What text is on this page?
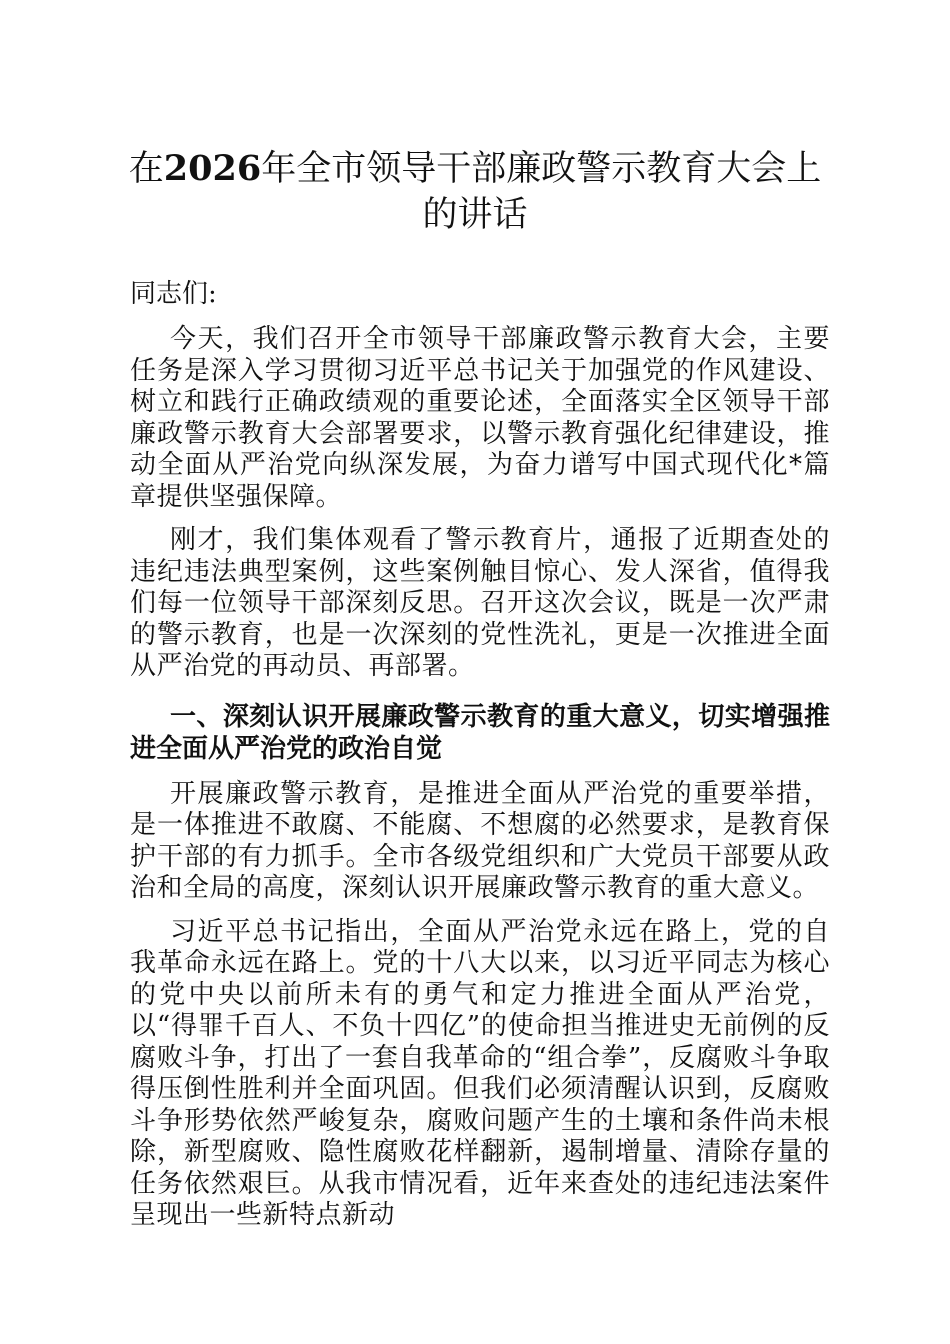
在2026年全市领导干部廉政警示教育大会上的讲话

同志们:

今天，我们召开全市领导干部廉政警示教育大会，主要任务是深入学习贯彻习近平总书记关于加强党的作风建设、树立和践行正确政绩观的重要论述，全面落实全区领导干部廉政警示教育大会部署要求，以警示教育强化纪律建设，推动全面从严治党向纵深发展，为奋力谱写中国式现代化*篇章提供坚强保障。

刚才，我们集体观看了警示教育片，通报了近期查处的违纪违法典型案例，这些案例触目惊心、发人深省，值得我们每一位领导干部深刻反思。召开这次会议，既是一次严肃的警示教育，也是一次深刻的党性洗礼，更是一次推进全面从严治党的再动员、再部署。

一、深刻认识开展廉政警示教育的重大意义，切实增强推进全面从严治党的政治自觉

开展廉政警示教育，是推进全面从严治党的重要举措，是一体推进不敢腐、不能腐、不想腐的必然要求，是教育保护干部的有力抓手。全市各级党组织和广大党员干部要从政治和全局的高度，深刻认识开展廉政警示教育的重大意义。

习近平总书记指出，全面从严治党永远在路上，党的自我革命永远在路上。党的十八大以来，以习近平同志为核心的党中央以前所未有的勇气和定力推进全面从严治党，以“得罪千百人、不负十四亿”的使命担当推进史无前例的反腐败斗争，打出了一套自我革命的“组合拳”，反腐败斗争取得压倒性胜利并全面巩固。但我们必须清醒认识到，反腐败斗争形势依然严峻复杂，腐败问题产生的土壤和条件尚未根除，新型腐败、隐性腐败花样翻新，遏制增量、清除存量的任务依然艰巨。从我市情况看，近年来查处的违纪违法案件呈现出一些新特点新动
